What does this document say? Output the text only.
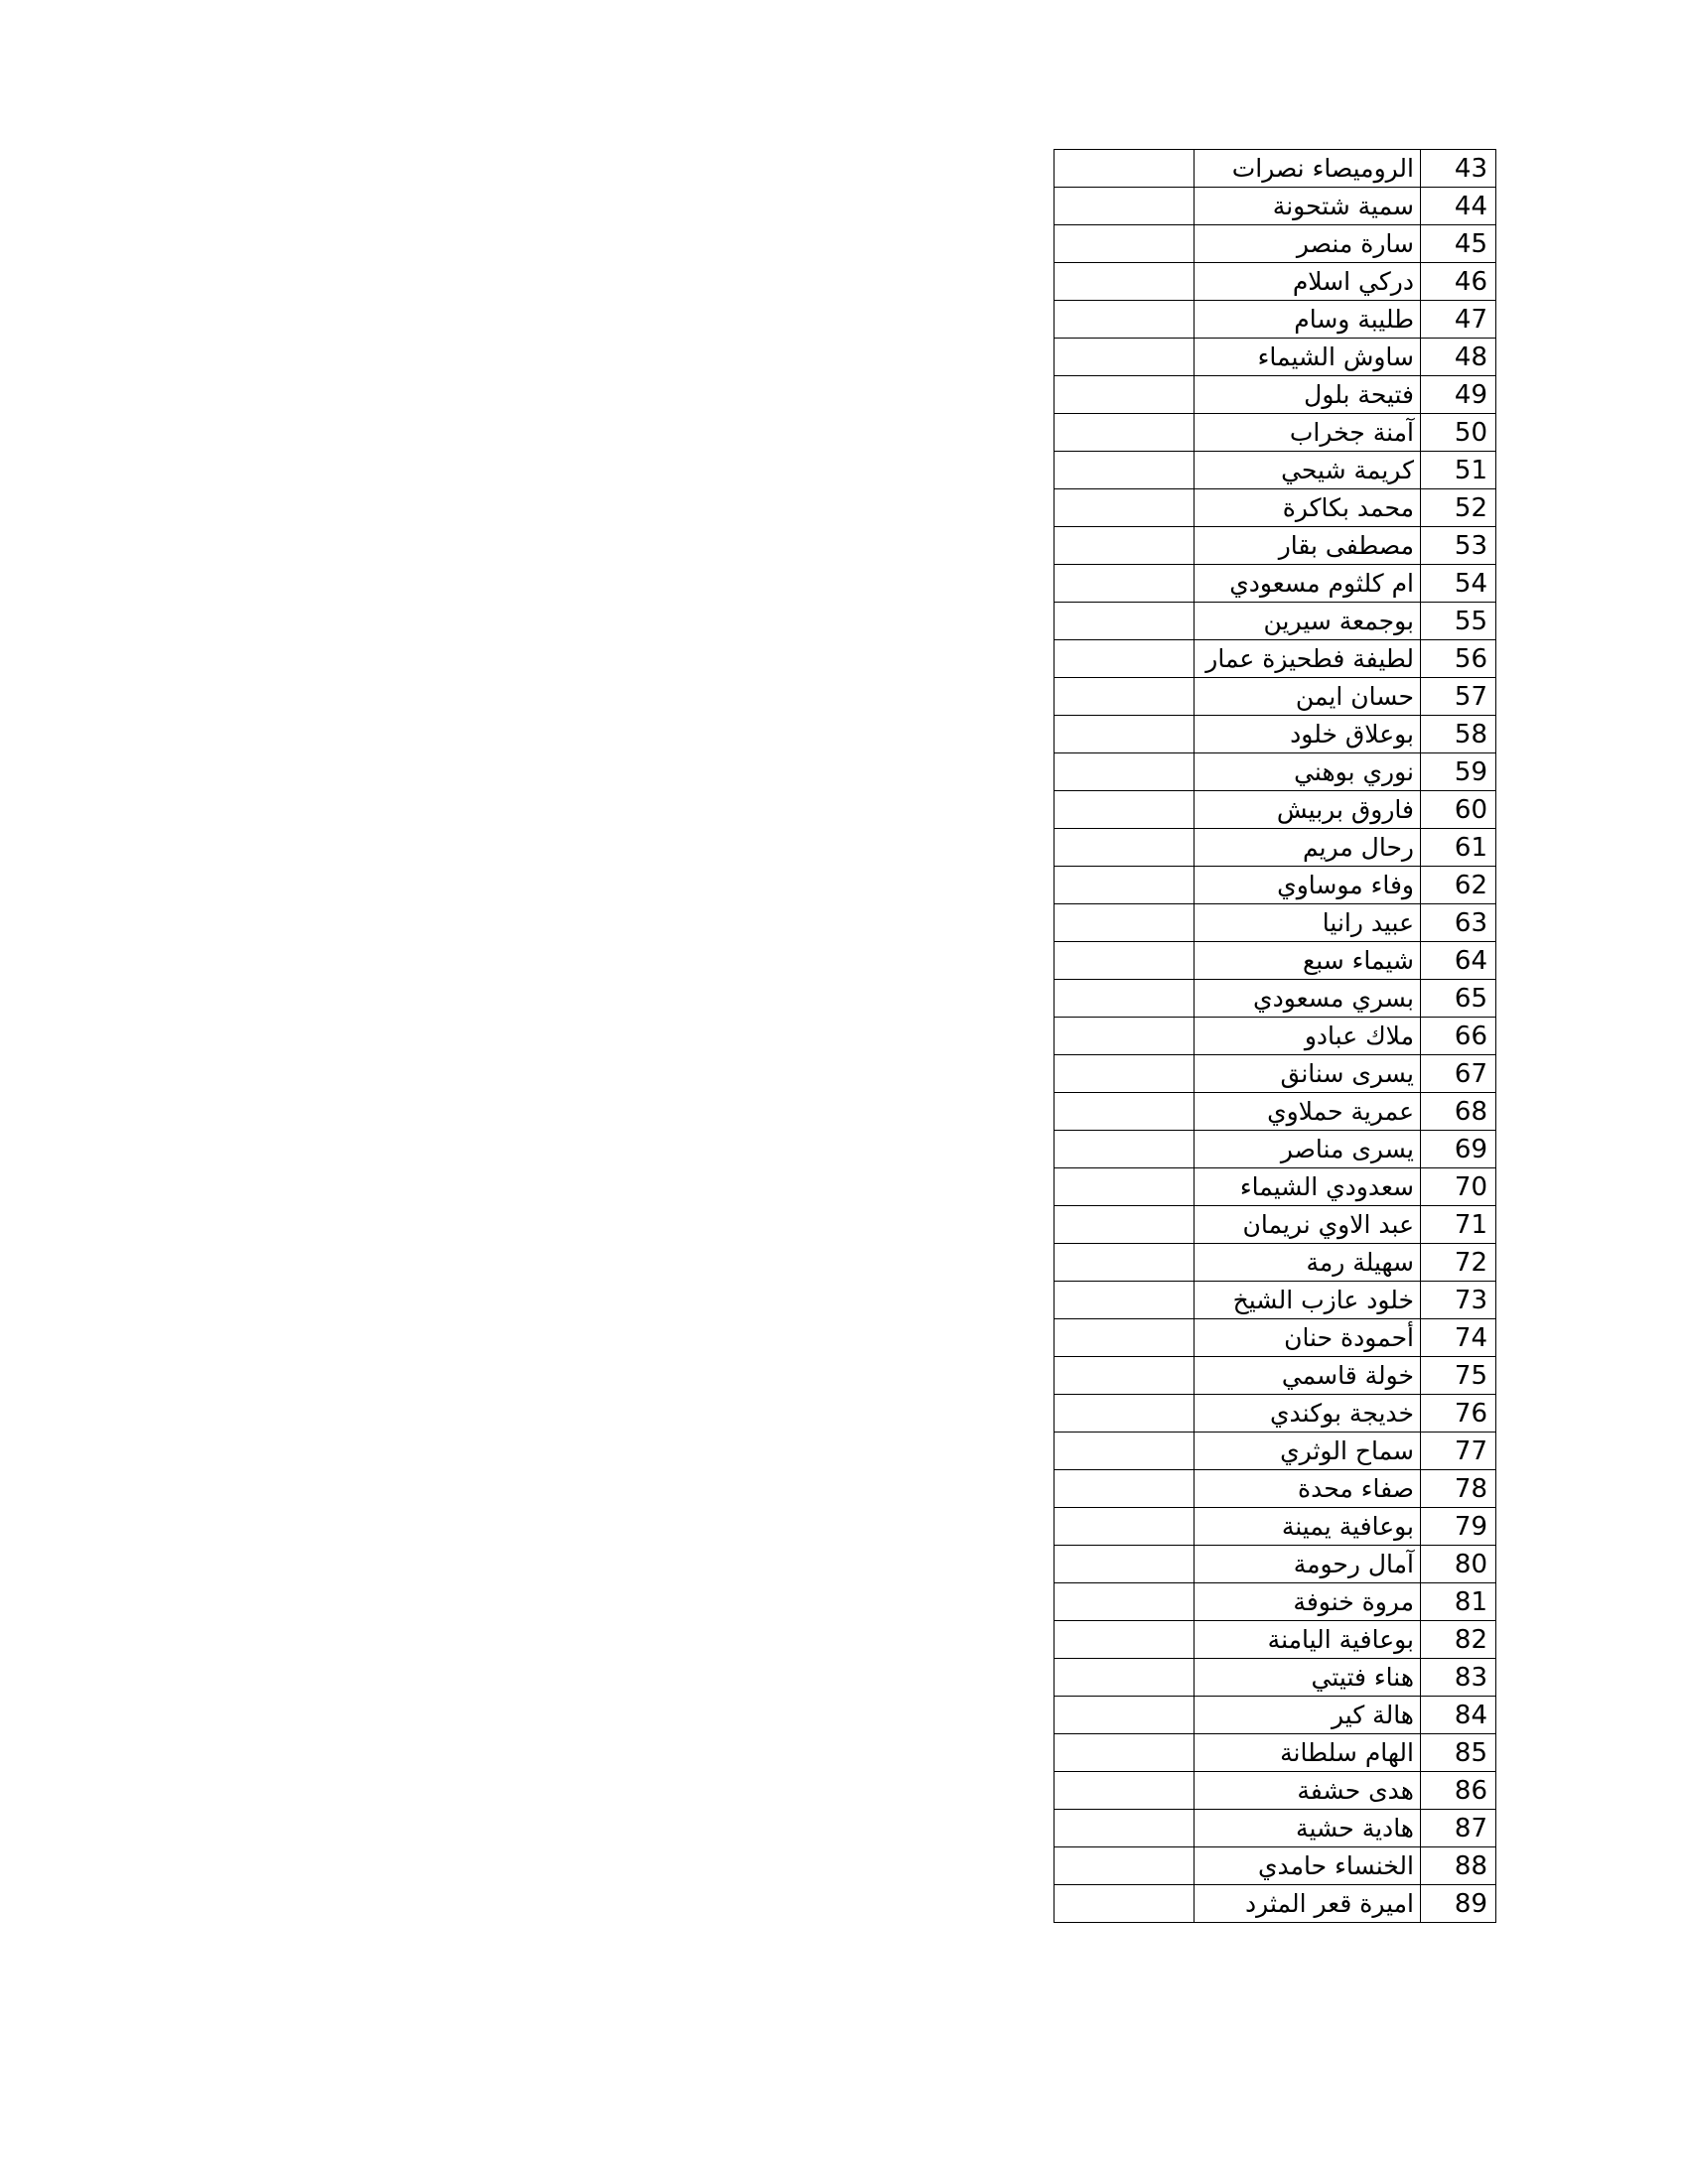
	الروميصاء نصرات	43
	سمية شتحونة	44
	سارة منصر	45
	دركي اسلام	46
	طليبة وسام	47
	ساوش الشيماء	48
	فتيحة بلول	49
	آمنة جخراب	50
	كريمة شيحي	51
	محمد بكاكرة	52
	مصطفى بقار	53
	ام كلثوم مسعودي	54
	بوجمعة سيرين	55
	لطيفة فطحيزة عمار	56
	حسان ايمن	57
	بوعلاق خلود	58
	نوري بوهني	59
	فاروق بربيش	60
	رحال مريم	61
	وفاء موساوي	62
	عبيد رانيا	63
	شيماء سبع	64
	بسري مسعودي	65
	ملاك عبادو	66
	يسرى سنانق	67
	عمرية حملاوي	68
	يسرى مناصر	69
	سعدودي الشيماء	70
	عبد الاوي نريمان	71
	سهيلة رمة	72
	خلود عازب الشيخ	73
	أحمودة حنان	74
	خولة قاسمي	75
	خديجة بوكندي	76
	سماح الوثري	77
	صفاء محدة	78
	بوعافية يمينة	79
	آمال رحومة	80
	مروة خنوفة	81
	بوعافية اليامنة	82
	هناء فتيتي	83
	هالة كير	84
	الهام سلطانة	85
	هدى حشفة	86
	هادية حشية	87
	الخنساء حامدي	88
	اميرة قعر المثرد	89
